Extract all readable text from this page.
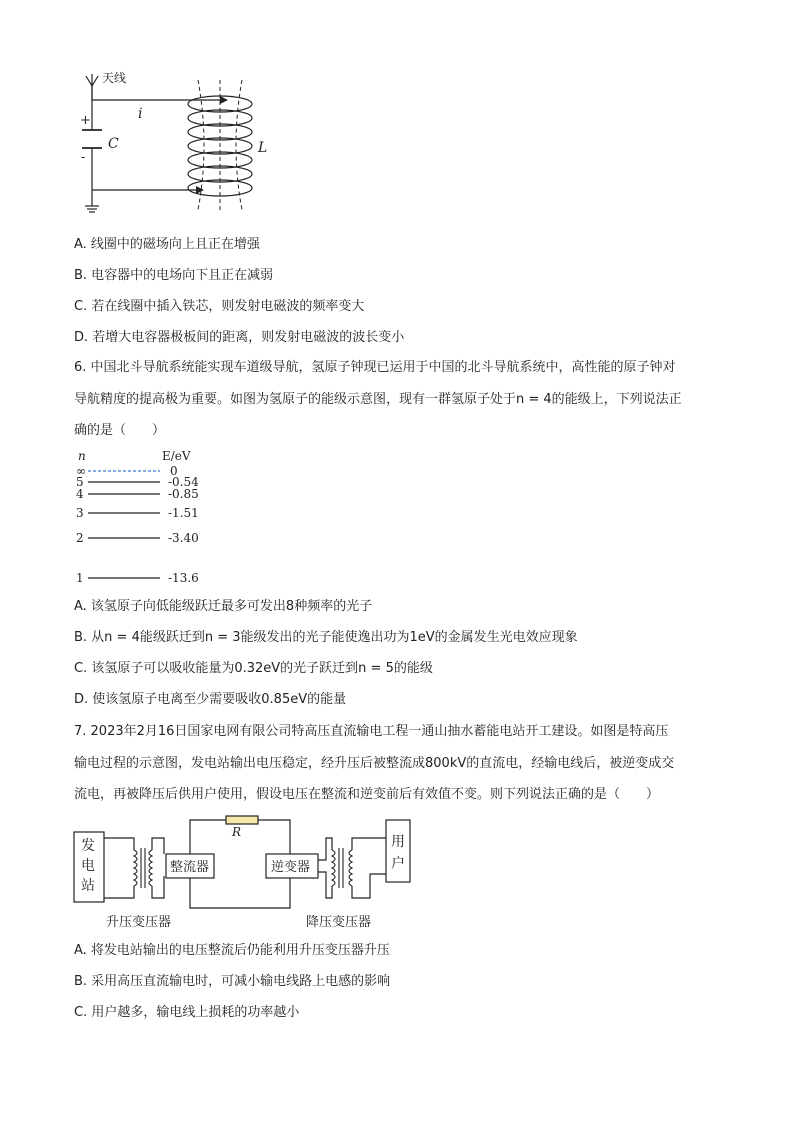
天线
+
-
C
i
L
A. 线圈中的磁场向上且正在增强
B. 电容器中的电场向下且正在减弱
C. 若在线圈中插入铁芯，则发射电磁波的频率变大
D. 若增大电容器极板间的距离，则发射电磁波的波长变小
6. 中国北斗导航系统能实现车道级导航，氢原子钟现已运用于中国的北斗导航系统中，高性能的原子钟对
导航精度的提高极为重要。如图为氢原子的能级示意图，现有一群氢原子处于n = 4的能级上，下列说法正
确的是（　　）
n	E/eV
∞	0
5	-0.54
4	-0.85
3	-1.51
2	-3.40
1	-13.6
A. 该氢原子向低能级跃迁最多可发出8种频率的光子
B. 从n = 4能级跃迁到n = 3能级发出的光子能使逸出功为1eV的金属发生光电效应现象
C. 该氢原子可以吸收能量为0.32eV的光子跃迁到n = 5的能级
D. 使该氢原子电离至少需要吸收0.85eV的能量
7. 2023年2月16日国家电网有限公司特高压直流输电工程一通山抽水蓄能电站开工建设。如图是特高压
输电过程的示意图，发电站输出电压稳定，经升压后被整流成800kV的直流电，经输电线后，被逆变成交
流电，再被降压后供用户使用，假设电压在整流和逆变前后有效值不变。则下列说法正确的是（　　）
发
电
站
整流器	逆变器
R
用
户
升压变压器	降压变压器
A. 将发电站输出的电压整流后仍能利用升压变压器升压
B. 采用高压直流输电时，可减小输电线路上电感的影响
C. 用户越多，输电线上损耗的功率越小
